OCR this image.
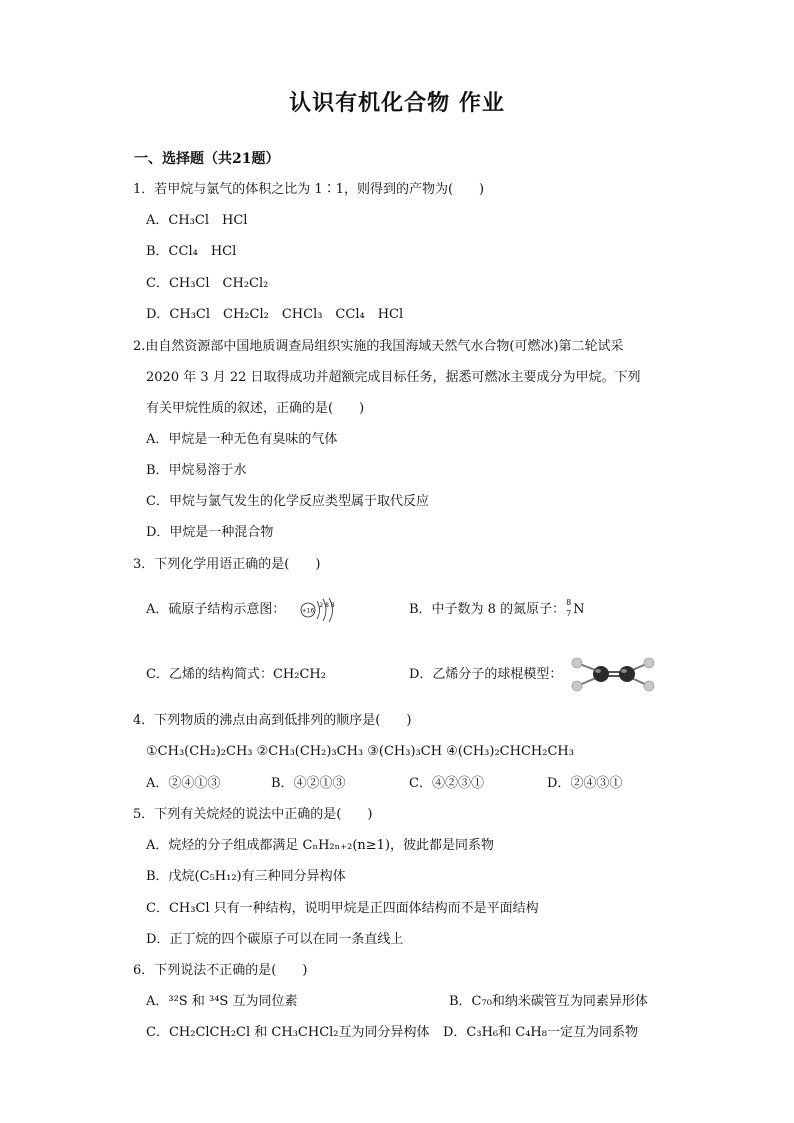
认识有机化合物 作业
一、选择题（共21题）
1．若甲烷与氯气的体积之比为 1∶1，则得到的产物为(　　)
A．CH₃Cl　HCl
B．CCl₄　HCl
C．CH₃Cl　CH₂Cl₂
D．CH₃Cl　CH₂Cl₂　CHCl₃　CCl₄　HCl
2.由自然资源部中国地质调查局组织实施的我国海域天然气水合物(可燃冰)第二轮试采
2020 年 3 月 22 日取得成功并超额完成目标任务，据悉可燃冰主要成分为甲烷。下列
有关甲烷性质的叙述，正确的是(　　)
A．甲烷是一种无色有臭味的气体
B．甲烷易溶于水
C．甲烷与氯气发生的化学反应类型属于取代反应
D．甲烷是一种混合物
3．下列化学用语正确的是(　　)
A．硫原子结构示意图：	+16
2 8 8	B．中子数为 8 的氮原子： 8
7 N
C．乙烯的结构简式：CH₂CH₂	D．乙烯分子的球棍模型：
4．下列物质的沸点由高到低排列的顺序是(　　)
①CH₃(CH₂)₂CH₃ ②CH₃(CH₂)₃CH₃ ③(CH₃)₃CH ④(CH₃)₂CHCH₂CH₃
A．②④①③	B．④②①③	C．④②③①	D．②④③①
5．下列有关烷烃的说法中正确的是(　　)
A．烷烃的分子组成都满足 CₙH₂ₙ₊₂(n≥1)，彼此都是同系物
B．戊烷(C₅H₁₂)有三种同分异构体
C．CH₃Cl 只有一种结构，说明甲烷是正四面体结构而不是平面结构
D．正丁烷的四个碳原子可以在同一条直线上
6．下列说法不正确的是(　　)
A．³²S 和 ³⁴S 互为同位素	B．C₇₀和纳米碳管互为同素异形体
C．CH₂ClCH₂Cl 和 CH₃CHCl₂互为同分异构体 D．C₃H₆和 C₄H₈一定互为同系物
